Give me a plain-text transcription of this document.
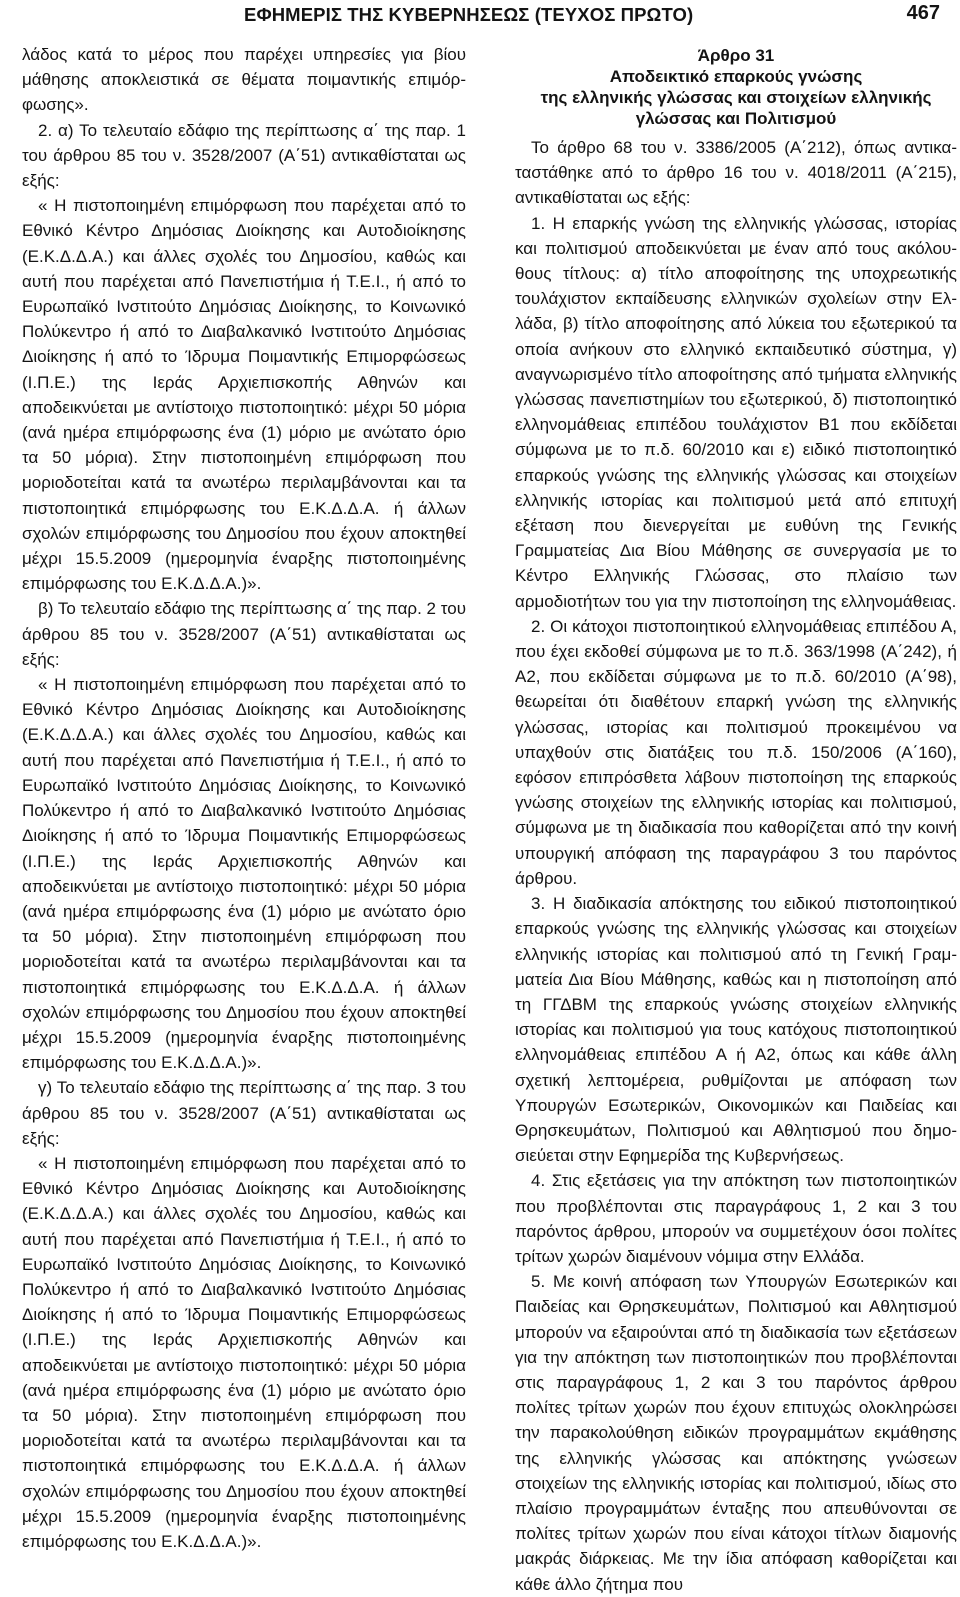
ΕΦΗΜΕΡΙΣ ΤΗΣ ΚΥΒΕΡΝΗΣΕΩΣ (ΤΕΥΧΟΣ ΠΡΩΤΟ)	467

λάδος κατά το μέρος που παρέχει υπηρεσίες για βίου μάθησης αποκλειστικά σε θέματα ποιμαντικής επιμόρφωσης».

2. α) Το τελευταίο εδάφιο της περίπτωσης α΄ της παρ. 1 του άρθρου 85 του ν. 3528/2007 (Α΄51) αντικαθίσταται ως εξής:

« Η πιστοποιημένη επιμόρφωση που παρέχεται από το Εθνικό Κέντρο Δημόσιας Διοίκησης και Αυτοδιοίκησης (Ε.Κ.Δ.Δ.Α.) και άλλες σχολές του Δημοσίου, καθώς και αυτή που παρέχεται από Πανεπιστήμια ή Τ.Ε.Ι., ή από το Ευρωπαϊκό Ινστιτούτο Δημόσιας Διοίκησης, το Κοινωνικό Πολύκεντρο ή από το Διαβαλκανικό Ινστιτούτο Δημόσιας Διοίκησης ή από το Ίδρυμα Ποιμαντικής Επιμορφώσεως (Ι.Π.Ε.) της Ιεράς Αρχιεπισκοπής Αθηνών και αποδεικνύεται με αντίστοιχο πιστοποιητικό: μέχρι 50 μόρια (ανά ημέρα επιμόρφωσης ένα (1) μόριο με ανώτατο όριο τα 50 μόρια). Στην πιστοποιημένη επιμόρφωση που μοριοδοτείται κατά τα ανωτέρω περιλαμβάνονται και τα πιστοποιητικά επιμόρφωσης του Ε.Κ.Δ.Δ.Α. ή άλλων σχολών επιμόρφωσης του Δημοσίου που έχουν αποκτηθεί μέχρι 15.5.2009 (ημερομηνία έναρξης πιστοποιημένης επιμόρφωσης του Ε.Κ.Δ.Δ.Α.)».

β) Το τελευταίο εδάφιο της περίπτωσης α΄ της παρ. 2 του άρθρου 85 του ν. 3528/2007 (Α΄51) αντικαθίσταται ως εξής:

« Η πιστοποιημένη επιμόρφωση που παρέχεται από το Εθνικό Κέντρο Δημόσιας Διοίκησης και Αυτοδιοίκησης (Ε.Κ.Δ.Δ.Α.) και άλλες σχολές του Δημοσίου, καθώς και αυτή που παρέχεται από Πανεπιστήμια ή Τ.Ε.Ι., ή από το Ευρωπαϊκό Ινστιτούτο Δημόσιας Διοίκησης, το Κοινωνικό Πολύκεντρο ή από το Διαβαλκανικό Ινστιτούτο Δημόσιας Διοίκησης ή από το Ίδρυμα Ποιμαντικής Επιμορφώσεως (Ι.Π.Ε.) της Ιεράς Αρχιεπισκοπής Αθηνών και αποδεικνύεται με αντίστοιχο πιστοποιητικό: μέχρι 50 μόρια (ανά ημέρα επιμόρφωσης ένα (1) μόριο με ανώτατο όριο τα 50 μόρια). Στην πιστοποιημένη επιμόρφωση που μοριοδοτείται κατά τα ανωτέρω περιλαμβάνονται και τα πιστοποιητικά επιμόρφωσης του Ε.Κ.Δ.Δ.Α. ή άλλων σχολών επιμόρφωσης του Δημοσίου που έχουν αποκτηθεί μέχρι 15.5.2009 (ημερομηνία έναρξης πιστοποιημένης επιμόρφωσης του Ε.Κ.Δ.Δ.Α.)».

γ) Το τελευταίο εδάφιο της περίπτωσης α΄ της παρ. 3 του άρθρου 85 του ν. 3528/2007 (Α΄51) αντικαθίσταται ως εξής:

« Η πιστοποιημένη επιμόρφωση που παρέχεται από το Εθνικό Κέντρο Δημόσιας Διοίκησης και Αυτοδιοίκησης (Ε.Κ.Δ.Δ.Α.) και άλλες σχολές του Δημοσίου, καθώς και αυτή που παρέχεται από Πανεπιστήμια ή Τ.Ε.Ι., ή από το Ευρωπαϊκό Ινστιτούτο Δημόσιας Διοίκησης, το Κοινωνικό Πολύκεντρο ή από το Διαβαλκανικό Ινστιτούτο Δημόσιας Διοίκησης ή από το Ίδρυμα Ποιμαντικής Επιμορφώσεως (Ι.Π.Ε.) της Ιεράς Αρχιεπισκοπής Αθηνών και αποδεικνύεται με αντίστοιχο πιστοποιητικό: μέχρι 50 μόρια (ανά ημέρα επιμόρφωσης ένα (1) μόριο με ανώτατο όριο τα 50 μόρια). Στην πιστοποιημένη επιμόρφωση που μοριοδοτείται κατά τα ανωτέρω περιλαμβάνονται και τα πιστοποιητικά επιμόρφωσης του Ε.Κ.Δ.Δ.Α. ή άλλων σχολών επιμόρφωσης του Δημοσίου που έχουν αποκτηθεί μέχρι 15.5.2009 (ημερομηνία έναρξης πιστοποιημένης επιμόρφωσης του Ε.Κ.Δ.Δ.Α.)».

Άρθρο 31
Αποδεικτικό επαρκούς γνώσης
της ελληνικής γλώσσας και στοιχείων ελληνικής
γλώσσας και Πολιτισμού

Το άρθρο 68 του ν. 3386/2005 (Α΄212), όπως αντικαταστάθηκε από το άρθρο 16 του ν. 4018/2011 (Α΄215), αντικαθίσταται ως εξής:

1. Η επαρκής γνώση της ελληνικής γλώσσας, ιστορίας και πολιτισμού αποδεικνύεται με έναν από τους ακόλουθους τίτλους: α) τίτλο αποφοίτησης της υποχρεωτικής τουλάχιστον εκπαίδευσης ελληνικών σχολείων στην Ελλάδα, β) τίτλο αποφοίτησης από λύκεια του εξωτερικού τα οποία ανήκουν στο ελληνικό εκπαιδευτικό σύστημα, γ) αναγνωρισμένο τίτλο αποφοίτησης από τμήματα ελληνικής γλώσσας πανεπιστημίων του εξωτερικού, δ) πιστοποιητικό ελληνομάθειας επιπέδου τουλάχιστον Β1 που εκδίδεται σύμφωνα με το π.δ. 60/2010 και ε) ειδικό πιστοποιητικό επαρκούς γνώσης της ελληνικής γλώσσας και στοιχείων ελληνικής ιστορίας και πολιτισμού μετά από επιτυχή εξέταση που διενεργείται με ευθύνη της Γενικής Γραμματείας Δια Βίου Μάθησης σε συνεργασία με το Κέντρο Ελληνικής Γλώσσας, στο πλαίσιο των αρμοδιοτήτων του για την πιστοποίηση της ελληνομάθειας.

2. Οι κάτοχοι πιστοποιητικού ελληνομάθειας επιπέδου Α, που έχει εκδοθεί σύμφωνα με το π.δ. 363/1998 (Α΄242), ή Α2, που εκδίδεται σύμφωνα με το π.δ. 60/2010 (Α΄98), θεωρείται ότι διαθέτουν επαρκή γνώση της ελληνικής γλώσσας, ιστορίας και πολιτισμού προκειμένου να υπαχθούν στις διατάξεις του π.δ. 150/2006 (Α΄160), εφόσον επιπρόσθετα λάβουν πιστοποίηση της επαρκούς γνώσης στοιχείων της ελληνικής ιστορίας και πολιτισμού, σύμφωνα με τη διαδικασία που καθορίζεται από την κοινή υπουργική απόφαση της παραγράφου 3 του παρόντος άρθρου.

3. Η διαδικασία απόκτησης του ειδικού πιστοποιητικού επαρκούς γνώσης της ελληνικής γλώσσας και στοιχείων ελληνικής ιστορίας και πολιτισμού από τη Γενική Γραμματεία Δια Βίου Μάθησης, καθώς και η πιστοποίηση από τη ΓΓΔΒΜ της επαρκούς γνώσης στοιχείων ελληνικής ιστορίας και πολιτισμού για τους κατόχους πιστοποιητικού ελληνομάθειας επιπέδου Α ή Α2, όπως και κάθε άλλη σχετική λεπτομέρεια, ρυθμίζονται με απόφαση των Υπουργών Εσωτερικών, Οικονομικών και Παιδείας και Θρησκευμάτων, Πολιτισμού και Αθλητισμού που δημοσιεύεται στην Εφημερίδα της Κυβερνήσεως.

4. Στις εξετάσεις για την απόκτηση των πιστοποιητικών που προβλέπονται στις παραγράφους 1, 2 και 3 του παρόντος άρθρου, μπορούν να συμμετέχουν όσοι πολίτες τρίτων χωρών διαμένουν νόμιμα στην Ελλάδα.

5. Με κοινή απόφαση των Υπουργών Εσωτερικών και Παιδείας και Θρησκευμάτων, Πολιτισμού και Αθλητισμού μπορούν να εξαιρούνται από τη διαδικασία των εξετάσεων για την απόκτηση των πιστοποιητικών που προβλέπονται στις παραγράφους 1, 2 και 3 του παρόντος άρθρου πολίτες τρίτων χωρών που έχουν επιτυχώς ολοκληρώσει την παρακολούθηση ειδικών προγραμμάτων εκμάθησης της ελληνικής γλώσσας και απόκτησης γνώσεων στοιχείων της ελληνικής ιστορίας και πολιτισμού, ιδίως στο πλαίσιο προγραμμάτων ένταξης που απευθύνονται σε πολίτες τρίτων χωρών που είναι κάτοχοι τίτλων διαμονής μακράς διάρκειας. Με την ίδια απόφαση καθορίζεται και κάθε άλλο ζήτημα που
